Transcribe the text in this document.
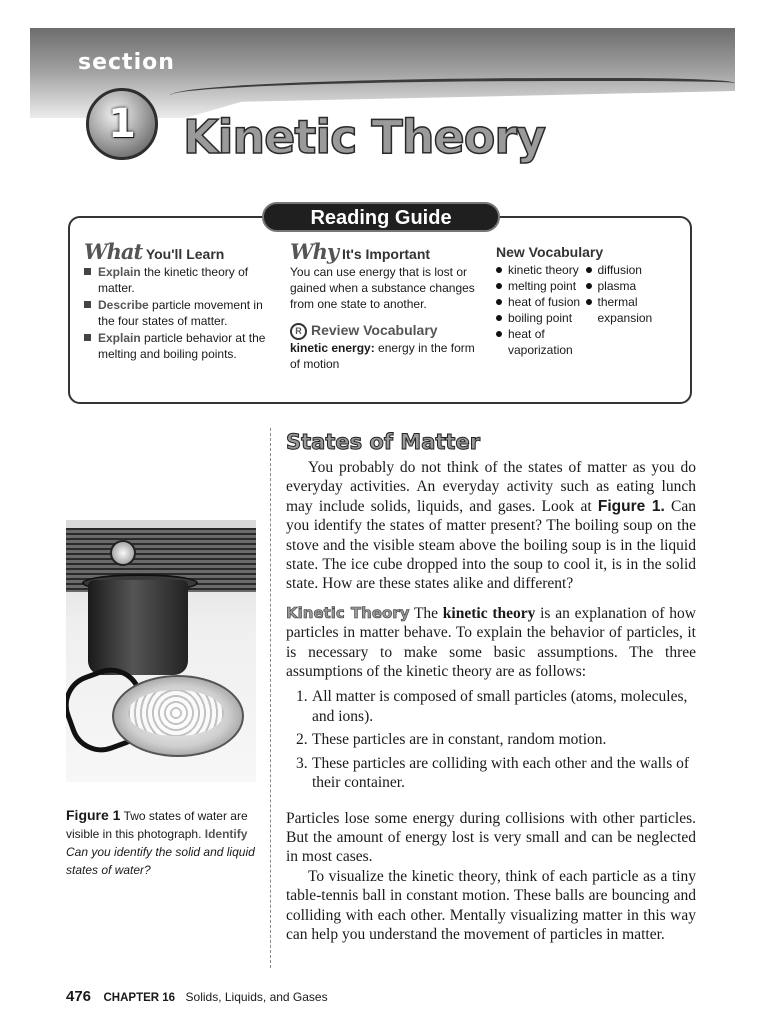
section
1 Kinetic Theory
Reading Guide
What You'll Learn
Explain the kinetic theory of matter.
Describe particle movement in the four states of matter.
Explain particle behavior at the melting and boiling points.
Why It's Important
You can use energy that is lost or gained when a substance changes from one state to another.
R Review Vocabulary
kinetic energy: energy in the form of motion
New Vocabulary
kinetic theory
melting point
heat of fusion
boiling point
heat of vaporization
diffusion
plasma
thermal expansion
Figure 1 Two states of water are visible in this photograph. Identify Can you identify the solid and liquid states of water?
States of Matter

You probably do not think of the states of matter as you do everyday activities. An everyday activity such as eating lunch may include solids, liquids, and gases. Look at Figure 1. Can you identify the states of matter present? The boiling soup on the stove and the visible steam above the boiling soup is in the liquid state. The ice cube dropped into the soup to cool it, is in the solid state. How are these states alike and different?

Kinetic Theory The kinetic theory is an explanation of how particles in matter behave. To explain the behavior of particles, it is necessary to make some basic assumptions. The three assumptions of the kinetic theory are as follows:

1. All matter is composed of small particles (atoms, molecules, and ions).
2. These particles are in constant, random motion.
3. These particles are colliding with each other and the walls of their container.

Particles lose some energy during collisions with other particles. But the amount of energy lost is very small and can be neglected in most cases.

To visualize the kinetic theory, think of each particle as a tiny table-tennis ball in constant motion. These balls are bouncing and colliding with each other. Mentally visualizing matter in this way can help you understand the movement of particles in matter.

476 CHAPTER 16 Solids, Liquids, and Gases
